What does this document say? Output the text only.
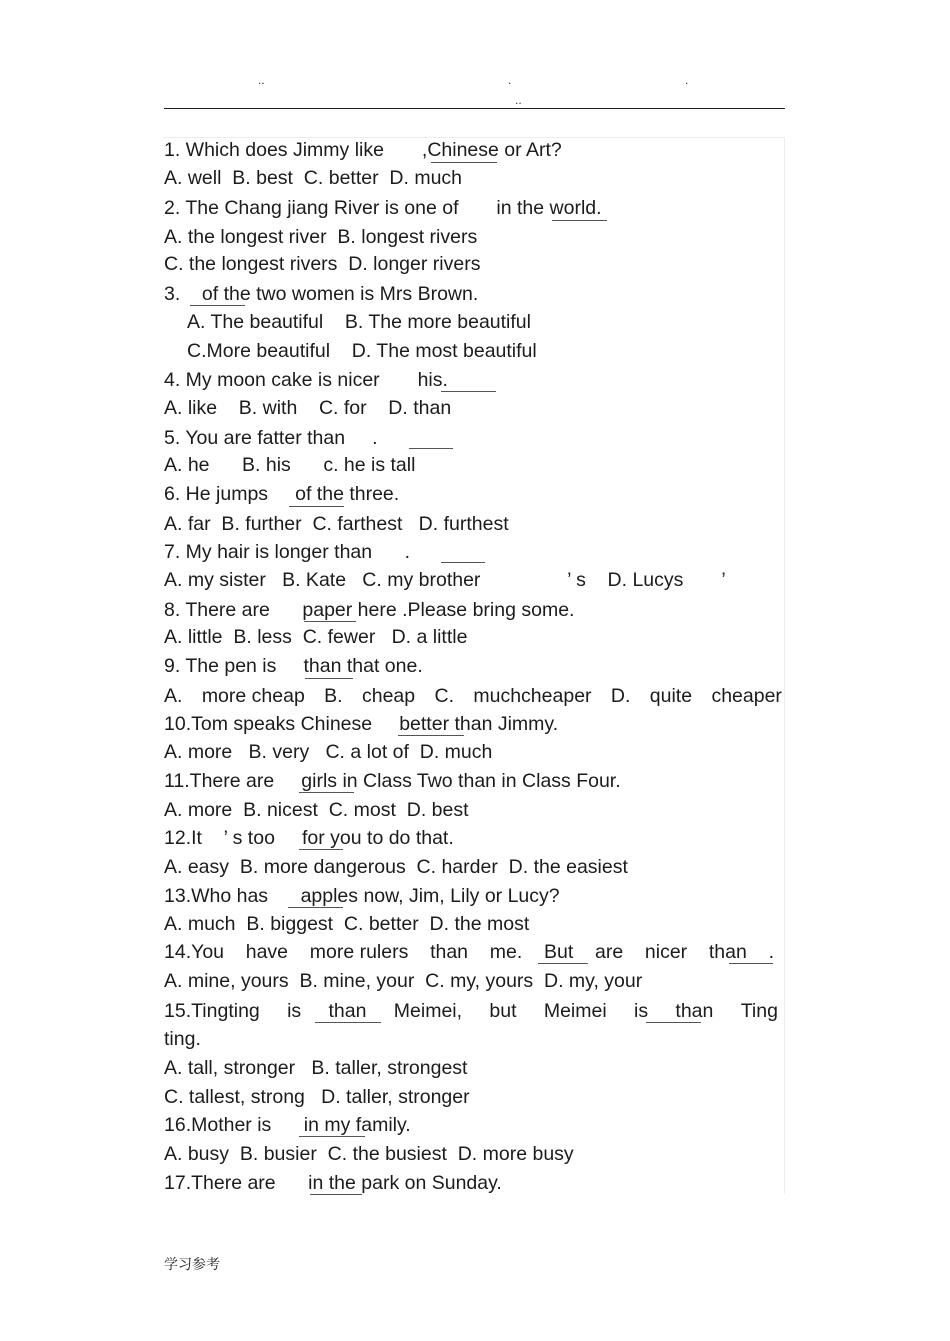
..	.	.
..
1. Which does Jimmy like       ,Chinese or Art?
A. well  B. best  C. better  D. much
2. The Chang jiang River is one of       in the world.
A. the longest river  B. longest rivers
C. the longest rivers  D. longer rivers
3.    of the two women is Mrs Brown.
A. The beautiful    B. The more beautiful
C.More beautiful    D. The most beautiful
4. My moon cake is nicer       his.
A. like    B. with    C. for    D. than
5. You are fatter than     .
A. he      B. his      c. he is tall
6. He jumps     of the three.
A. far  B. further  C. farthest   D. furthest
7. My hair is longer than      .
A. my sister   B. Kate   C. my brother                ’ s    D. Lucys       ’
8. There are      paper here .Please bring some.
A. little  B. less  C. fewer   D. a little
9. The pen is     than that one.
A. more cheap B. cheap C. muchcheaper D. quite cheaper
10.Tom speaks Chinese     better than Jimmy.
A. more   B. very   C. a lot of  D. much
11.There are     girls in Class Two than in Class Four.
A. more  B. nicest  C. most  D. best
12.It    ’ s too     for you to do that.
A. easy  B. more dangerous  C. harder  D. the easiest
13.Who has      apples now, Jim, Lily or Lucy?
A. much  B. biggest  C. better  D. the most
14.You have more rulers than me. But are nicer than .
A. mine, yours  B. mine, your  C. my, yours  D. my, your
15.Tingting is than Meimei, but Meimei is than Ting
ting.
A. tall, stronger   B. taller, strongest
C. tallest, strong   D. taller, stronger
16.Mother is      in my family.
A. busy  B. busier  C. the busiest  D. more busy
17.There are      in the park on Sunday.
学习参考
